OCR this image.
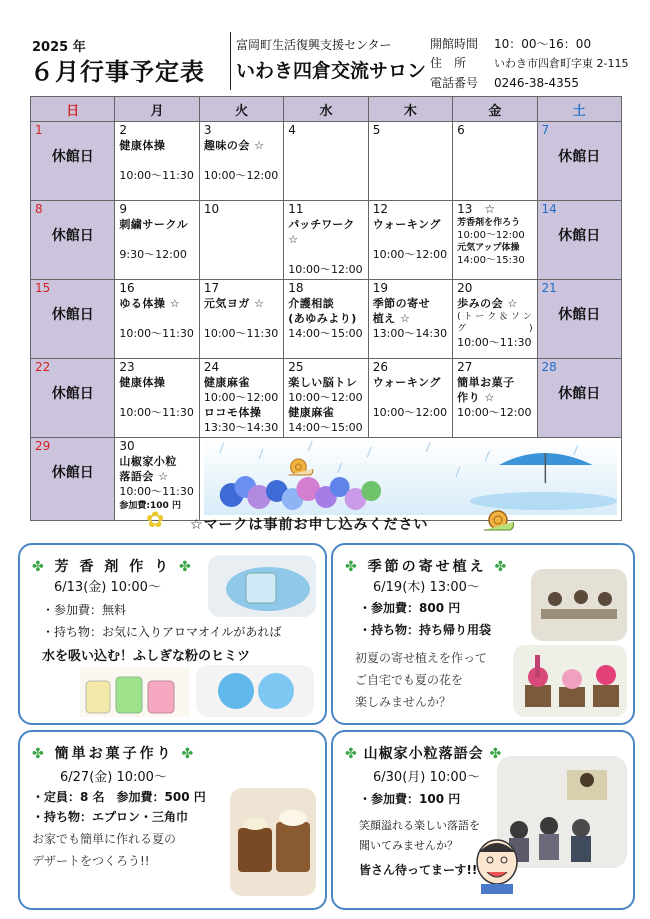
2025 年
６月行事予定表
富岡町生活復興支援センター
いわき四倉交流サロン
開館時間 10：00～16：00
住　所	いわき市四倉町字東 2-115
電話番号 0246-38-4355
日	月	火	水	木	金	土

1
休館日	2
健康体操
10:00～11:30	3
趣味の会 ☆
10:00～12:00	4	5	6	7
休館日

8
休館日	9
刺繍サークル
9:30～12:00	10	11
パッチワーク☆
10:00～12:00	12
ウォーキング
10:00～12:00	13　☆
芳香剤を作ろう
10:00～12:00
元気アップ体操
14:00～15:30	14
休館日

15
休館日	16
ゆる体操 ☆
10:00～11:30	17
元気ヨガ ☆
10:00～11:30	18
介護相談
(あゆみより)
14:00～15:00	19
季節の寄せ
植え ☆
13:00～14:30	20
歩みの会 ☆
( ト ー ク ＆ ソ ン
グ　　　　　　　)
10:00～11:30	21
休館日

22
休館日	23
健康体操
10:00～11:30	24
健康麻雀
10:00～12:00
ロコモ体操
13:30～14:30	25
楽しい脳トレ
10:00～12:00
健康麻雀
14:00～15:00	26
ウォーキング
10:00～12:00	27
簡単お菓子
作り ☆
10:00～12:00	28
休館日

29
休館日	30
山椒家小粒
落語会 ☆
10:00～11:30
参加費:100 円

✿ ☆マークは事前お申し込みください
✤ 芳 香 剤 作 り ✤
6/13(金) 10:00～
・参加費：無料
・持ち物：お気に入りアロマオイルがあれば
水を吸い込む！ふしぎな粉のヒミツ
✤ 季節の寄せ植え ✤
6/19(木) 13:00～
・参加費：800 円
・持ち物：持ち帰り用袋
初夏の寄せ植えを作って
ご自宅でも夏の花を
楽しみませんか？
✤ 簡単お菓子作り ✤
6/27(金) 10:00～
・定員：8 名　参加費：500 円
・持ち物：エプロン・三角巾
お家でも簡単に作れる夏の
デザートをつくろう!!
✤ 山椒家小粒落語会 ✤
6/30(月) 10:00～
・参加費：100 円
笑顔溢れる楽しい落語を
聞いてみませんか？
皆さん待ってまーす!!
